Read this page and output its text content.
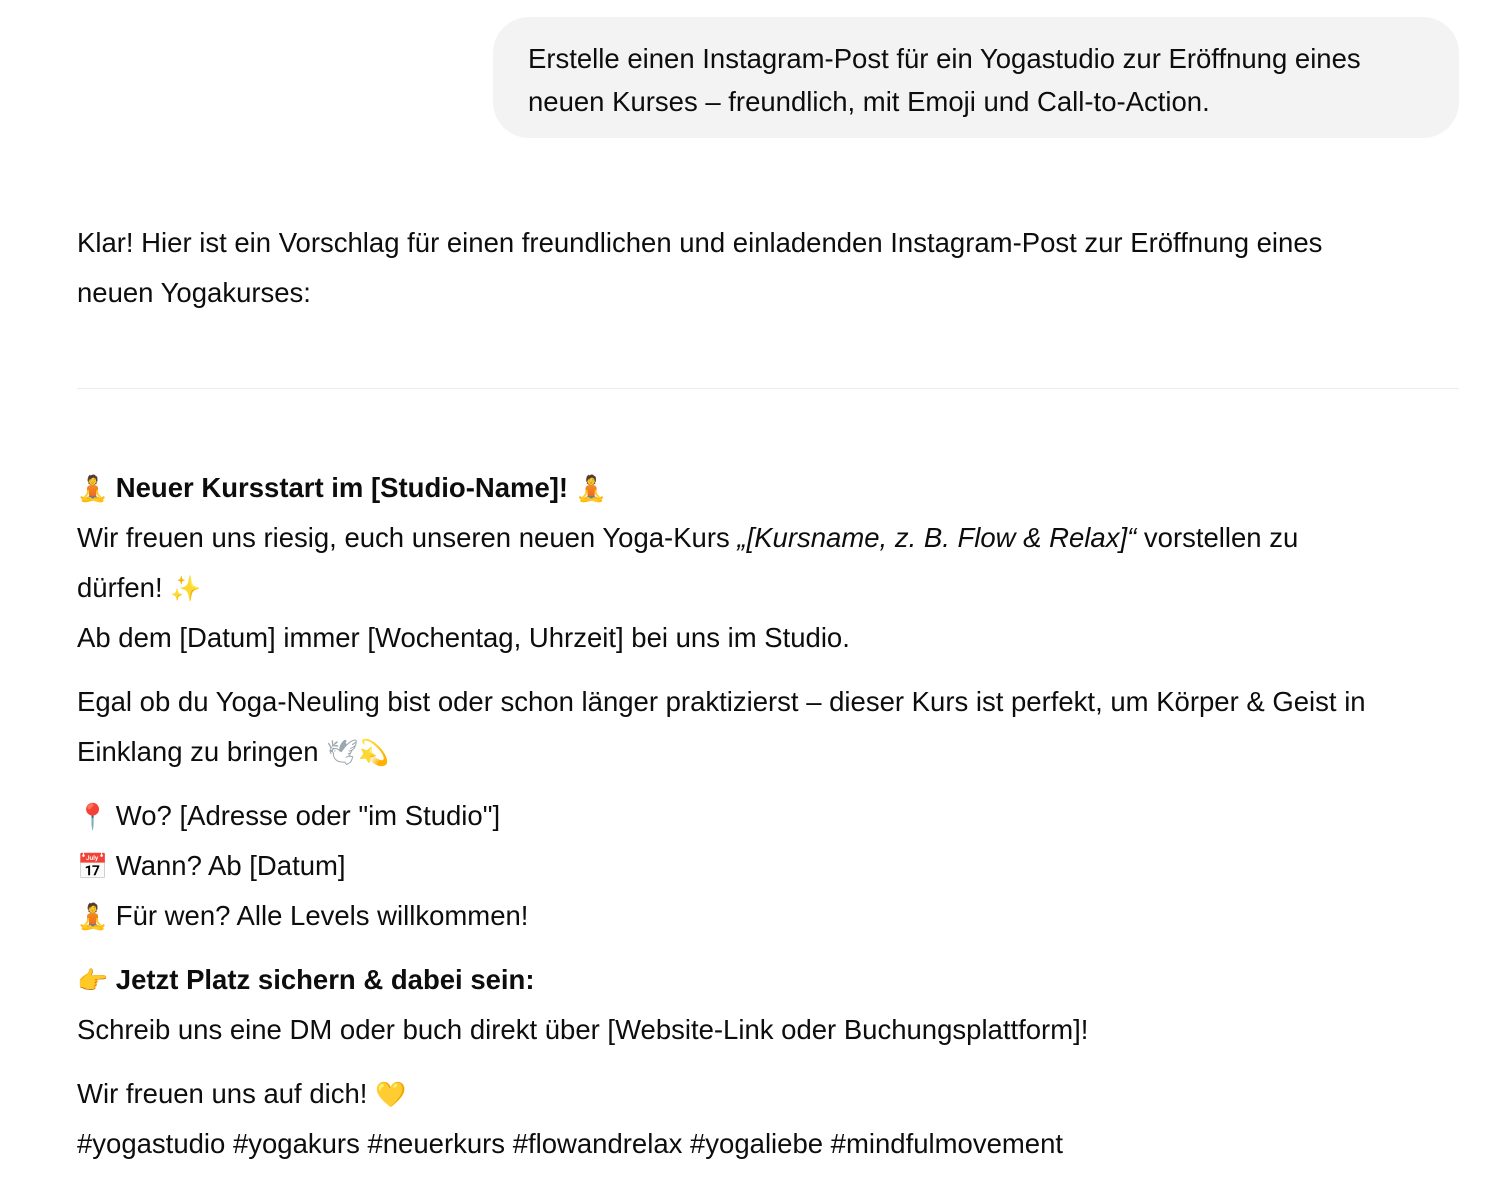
Erstelle einen Instagram-Post für ein Yogastudio zur Eröffnung eines

neuen Kurses – freundlich, mit Emoji und Call-to-Action.

Klar! Hier ist ein Vorschlag für einen freundlichen und einladenden Instagram-Post zur Eröffnung eines

neuen Yogakurses:

🧘 Neuer Kursstart im [Studio-Name]! 🧘

Wir freuen uns riesig, euch unseren neuen Yoga-Kurs „[Kursname, z. B. Flow & Relax]“ vorstellen zu

dürfen! ✨

Ab dem [Datum] immer [Wochentag, Uhrzeit] bei uns im Studio.

Egal ob du Yoga-Neuling bist oder schon länger praktizierst – dieser Kurs ist perfekt, um Körper & Geist in

Einklang zu bringen 🕊💫

📍 Wo? [Adresse oder "im Studio"]

📅 Wann? Ab [Datum]

🧘 Für wen? Alle Levels willkommen!

👉 Jetzt Platz sichern & dabei sein:

Schreib uns eine DM oder buch direkt über [Website-Link oder Buchungsplattform]!

Wir freuen uns auf dich! 💛

#yogastudio #yogakurs #neuerkurs #flowandrelax #yogaliebe #mindfulmovement
